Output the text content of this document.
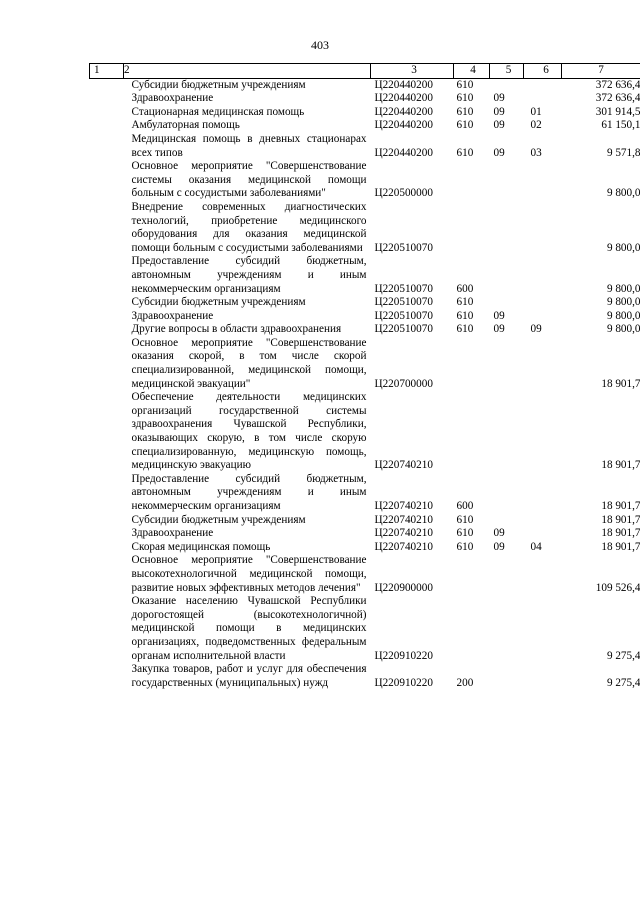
403
1	2	3	4	5	6	7
	Субсидии бюджетным учреждениям	Ц220440200	610			372 636,4
	Здравоохранение	Ц220440200	610	09		372 636,4
	Стационарная медицинская помощь	Ц220440200	610	09	01	301 914,5
	Амбулаторная помощь	Ц220440200	610	09	02	61 150,1
	Медицинская помощь в дневных стационарах всех типов	Ц220440200	610	09	03	9 571,8
	Основное мероприятие "Совершенствование системы оказания медицинской помощи больным с сосудистыми заболеваниями"	Ц220500000				9 800,0
	Внедрение современных диагностических технологий, приобретение медицинского оборудования для оказания медицинской помощи больным с сосудистыми заболеваниями	Ц220510070				9 800,0
	Предоставление субсидий бюджетным, автономным учреждениям и иным некоммерческим организациям	Ц220510070	600			9 800,0
	Субсидии бюджетным учреждениям	Ц220510070	610			9 800,0
	Здравоохранение	Ц220510070	610	09		9 800,0
	Другие вопросы в области здравоохранения	Ц220510070	610	09	09	9 800,0
	Основное мероприятие "Совершенствование оказания скорой, в том числе скорой специализированной, медицинской помощи, медицинской эвакуации"	Ц220700000				18 901,7
	Обеспечение деятельности медицинских организаций государственной системы здравоохранения Чувашской Республики, оказывающих скорую, в том числе скорую специализированную, медицинскую помощь, медицинскую эвакуацию	Ц220740210				18 901,7
	Предоставление субсидий бюджетным, автономным учреждениям и иным некоммерческим организациям	Ц220740210	600			18 901,7
	Субсидии бюджетным учреждениям	Ц220740210	610			18 901,7
	Здравоохранение	Ц220740210	610	09		18 901,7
	Скорая медицинская помощь	Ц220740210	610	09	04	18 901,7
	Основное мероприятие "Совершенствование высокотехнологичной медицинской помощи, развитие новых эффективных методов лечения"	Ц220900000				109 526,4
	Оказание населению Чувашской Республики дорогостоящей (высокотехнологичной) медицинской помощи в медицинских организациях, подведомственных федеральным органам исполнительной власти	Ц220910220				9 275,4
	Закупка товаров, работ и услуг для обеспечения государственных (муниципальных) нужд	Ц220910220	200			9 275,4
